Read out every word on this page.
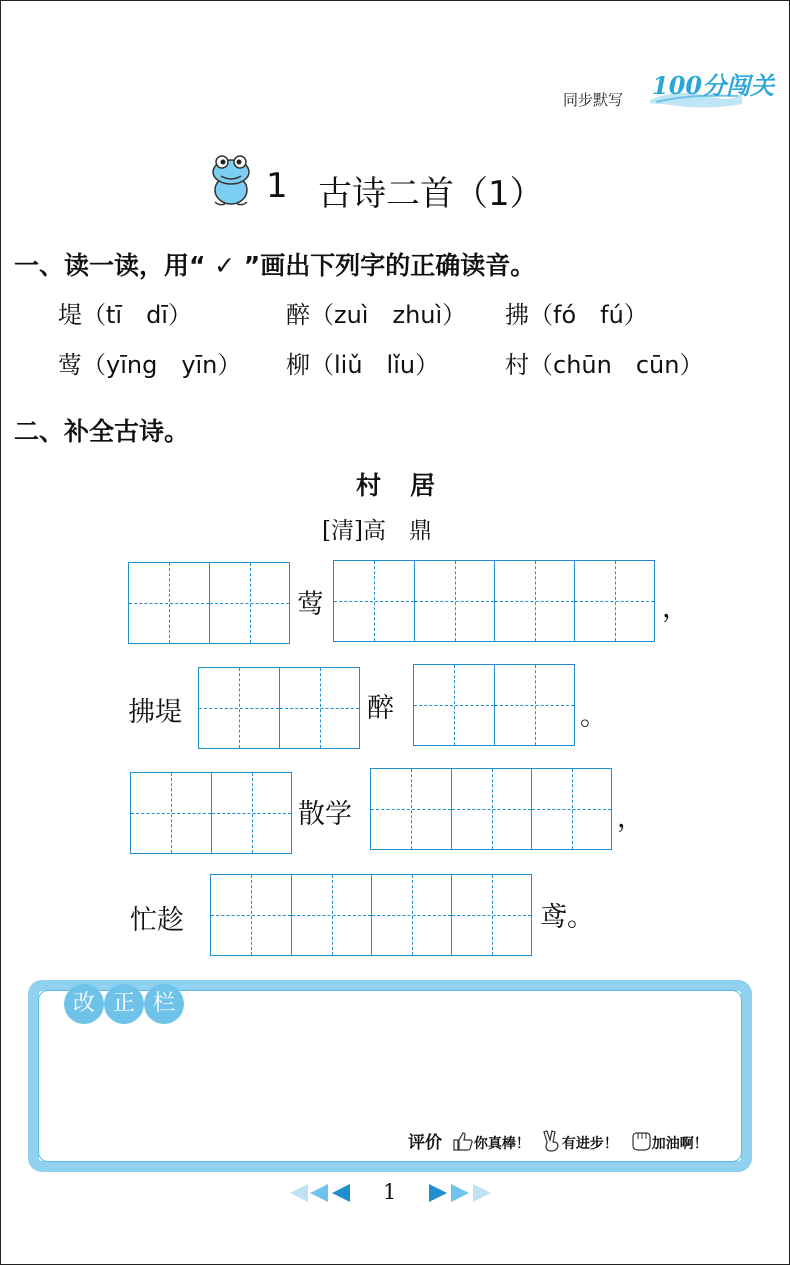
同步默写 100分闯关
1 古诗二首（1）
一、读一读，用“ ✓ ”画出下列字的正确读音。
堤（tī　dī）	醉（zuì　zhuì） 拂（fó　fú）
莺（yīng　yīn） 柳（liǔ　lǐu）	村（chūn　cūn）
二、补全古诗。
村　居
[清]高　鼎
莺	，
拂堤	醉	。
散学	，
忙趁	鸢。
改 正 栏
评价 你真棒！ 有进步！ 加油啊！
1
